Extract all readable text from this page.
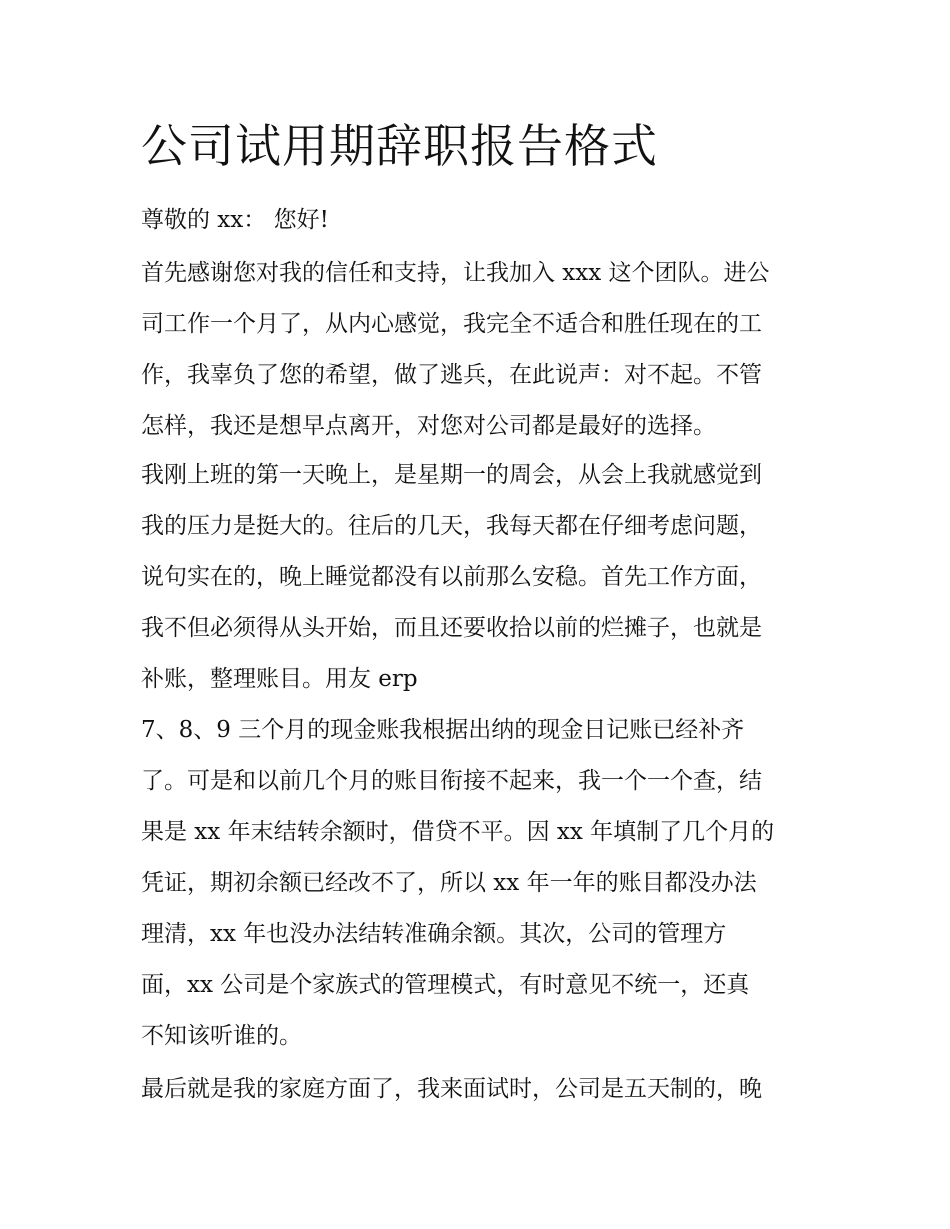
公司试用期辞职报告格式
尊敬的 xx： 您好!
首先感谢您对我的信任和支持，让我加入 xxx 这个团队。进公
司工作一个月了，从内心感觉，我完全不适合和胜任现在的工
作，我辜负了您的希望，做了逃兵，在此说声：对不起。不管
怎样，我还是想早点离开，对您对公司都是最好的选择。
我刚上班的第一天晚上，是星期一的周会，从会上我就感觉到
我的压力是挺大的。往后的几天，我每天都在仔细考虑问题，
说句实在的，晚上睡觉都没有以前那么安稳。首先工作方面，
我不但必须得从头开始，而且还要收拾以前的烂摊子，也就是
补账，整理账目。用友 erp
7、8、9 三个月的现金账我根据出纳的现金日记账已经补齐
了。可是和以前几个月的账目衔接不起来，我一个一个查，结
果是 xx 年末结转余额时，借贷不平。因 xx 年填制了几个月的
凭证，期初余额已经改不了，所以 xx 年一年的账目都没办法
理清，xx 年也没办法结转准确余额。其次，公司的管理方
面，xx 公司是个家族式的管理模式，有时意见不统一，还真
不知该听谁的。
最后就是我的家庭方面了，我来面试时，公司是五天制的，晚
